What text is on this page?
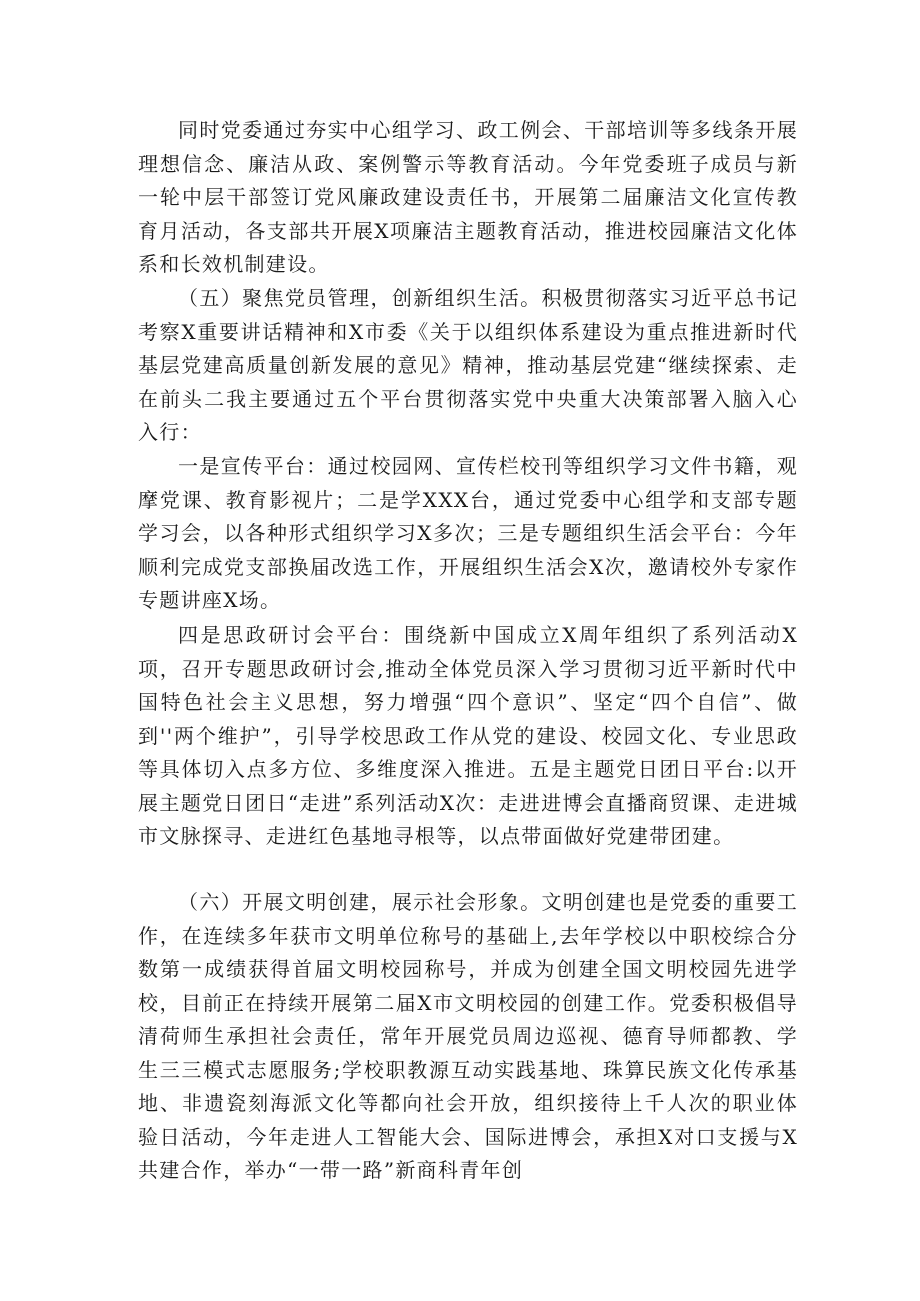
同时党委通过夯实中心组学习、政工例会、干部培训等多线条开展理想信念、廉洁从政、案例警示等教育活动。今年党委班子成员与新一轮中层干部签订党风廉政建设责任书，开展第二届廉洁文化宣传教育月活动，各支部共开展X项廉洁主题教育活动，推进校园廉洁文化体系和长效机制建设。

（五）聚焦党员管理，创新组织生活。积极贯彻落实习近平总书记考察X重要讲话精神和X市委《关于以组织体系建设为重点推进新时代基层党建高质量创新发展的意见》精神，推动基层党建“继续探索、走在前头二我主要通过五个平台贯彻落实党中央重大决策部署入脑入心入行：

一是宣传平台：通过校园网、宣传栏校刊等组织学习文件书籍，观摩党课、教育影视片；二是学XXX台，通过党委中心组学和支部专题学习会，以各种形式组织学习X多次；三是专题组织生活会平台：今年顺利完成党支部换届改选工作，开展组织生活会X次，邀请校外专家作专题讲座X场。

四是思政研讨会平台：围绕新中国成立X周年组织了系列活动X项，召开专题思政研讨会,推动全体党员深入学习贯彻习近平新时代中国特色社会主义思想，努力增强“四个意识”、坚定“四个自信”、做到''两个维护”，引导学校思政工作从党的建设、校园文化、专业思政等具体切入点多方位、多维度深入推进。五是主题党日团日平台:以开展主题党日团日“走进”系列活动X次：走进进博会直播商贸课、走进城市文脉探寻、走进红色基地寻根等，以点带面做好党建带团建。

（六）开展文明创建，展示社会形象。文明创建也是党委的重要工作，在连续多年获市文明单位称号的基础上,去年学校以中职校综合分数第一成绩获得首届文明校园称号，并成为创建全国文明校园先进学校，目前正在持续开展第二届X市文明校园的创建工作。党委积极倡导清荷师生承担社会责任，常年开展党员周边巡视、德育导师都教、学生三三模式志愿服务;学校职教源互动实践基地、珠算民族文化传承基地、非遗瓷刻海派文化等都向社会开放，组织接待上千人次的职业体验日活动，今年走进人工智能大会、国际进博会，承担X对口支援与X共建合作，举办“一带一路”新商科青年创
